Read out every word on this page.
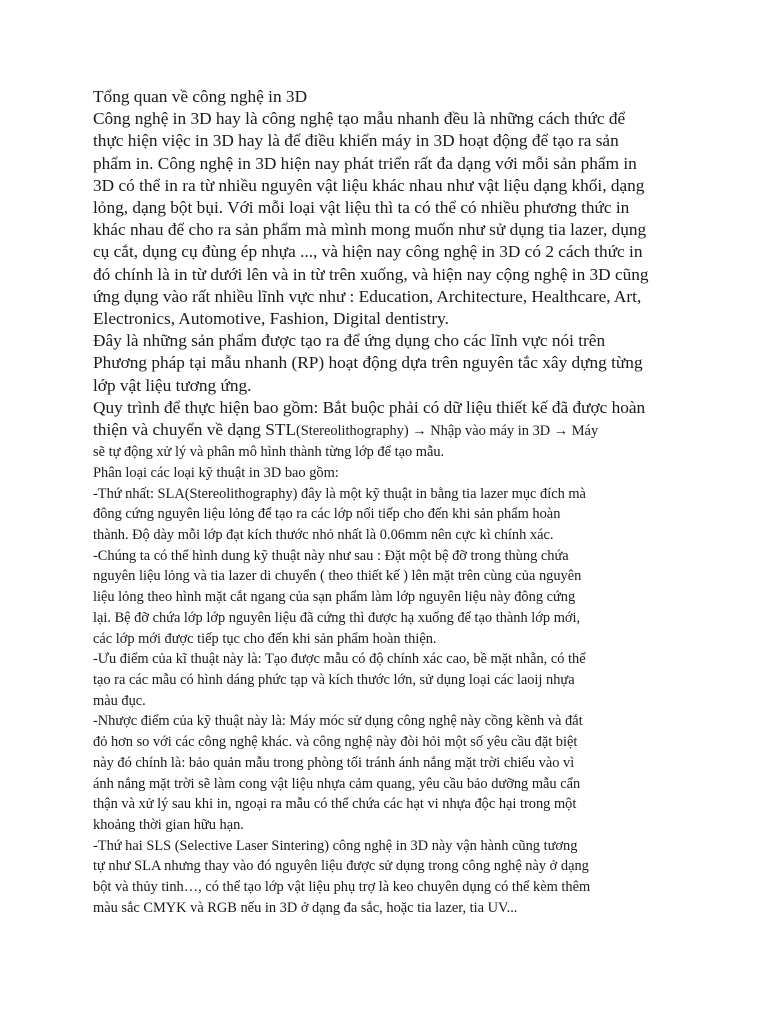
Tổng quan về công nghệ in 3D
Công nghệ in 3D hay là công nghệ tạo mẫu nhanh đều là những cách thức để
thực hiện việc in 3D hay là để điều khiển máy in 3D hoạt động để tạo ra sản
phẩm in. Công nghệ in 3D hiện nay phát triển rất đa dạng với mỗi sản phẩm in
3D có thể in ra từ nhiều nguyên vật liệu khác nhau như vật liệu dạng khối, dạng
lỏng, dạng bột bụi. Với mỗi loại vật liệu thì ta có thể có nhiều phương thức in
khác nhau để cho ra sản phẩm mà mình mong muốn như sử dụng tia lazer, dụng
cụ cắt, dụng cụ đùng ép nhựa ..., và hiện nay công nghệ in 3D có 2 cách thức in
đó chính là in từ dưới lên và in từ trên xuống, và hiện nay cộng nghệ in 3D cũng
ứng dụng vào rất nhiều lĩnh vực như : Education, Architecture, Healthcare, Art,
Electronics, Automotive, Fashion, Digital dentistry.
Đây là những sản phẩm được tạo ra để ứng dụng cho các lĩnh vực nói trên
Phương pháp tại mẫu nhanh (RP) hoạt động dựa trên nguyên tắc xây dựng từng
lớp vật liệu tương ứng.
Quy trình để thực hiện bao gồm: Bắt buộc phải có dữ liệu thiết kế đã được hoàn
thiện và chuyển về dạng STL(Stereolithography) → Nhập vào máy in 3D → Máy
sẽ tự động xử lý và phân mô hình thành từng lớp để tạo mẫu.
Phân loại các loại kỹ thuật in 3D bao gồm:
-Thứ nhất: SLA(Stereolithography) đây là một kỹ thuật in bằng tia lazer mục đích mà
đông cứng nguyên liệu lỏng để tạo ra các lớp nối tiếp cho đến khi sản phẩm hoàn
thành. Độ dày mỗi lớp đạt kích thước nhỏ nhất là 0.06mm nên cực kì chính xác.
-Chúng ta có thể hình dung kỹ thuật này như sau : Đặt một bệ đỡ trong thùng chứa
nguyên liệu lỏng và tia lazer di chuyển ( theo thiết kế ) lên mặt trên cùng của nguyên
liệu lỏng theo hình mặt cắt ngang của sạn phẩm làm lớp nguyên liệu này đông cứng
lại. Bệ đỡ chứa lớp lớp nguyên liệu đã cứng thì được hạ xuống để tạo thành lớp mới,
các lớp mới được tiếp tục cho đến khi sản phẩm hoàn thiện.
-Ưu điểm của kĩ thuật này là: Tạo được mẫu có độ chính xác cao, bề mặt nhẵn, có thể
tạo ra các mẫu có hình dáng phức tạp và kích thước lớn, sử dụng loại các laoij nhựa
màu đục.
-Nhược điểm của kỹ thuật này là: Máy móc sử dụng công nghệ này cồng kềnh và đắt
đỏ hơn so với các công nghệ khác. và công nghệ này đòi hỏi một số yêu cầu đặt biệt
này đó chính là: bảo quản mẫu trong phòng tối tránh ánh nắng mặt trời chiếu vào vì
ánh nắng mặt trời sẽ làm cong vật liệu nhựa cảm quang, yêu cầu bảo dưỡng mẫu cẩn
thận và xử lý sau khi in, ngoại ra mẫu có thể chứa các hạt vi nhựa độc hại trong một
khoảng thời gian hữu hạn.
-Thứ hai SLS (Selective Laser Sintering) công nghệ in 3D này vận hành cũng tương
tự như SLA nhưng thay vào đó nguyên liệu được sử dụng trong công nghệ này ở dạng
bột và thủy tinh…, có thể tạo lớp vật liệu phụ trợ là keo chuyên dụng có thể kèm thêm
màu sắc CMYK và RGB nếu in 3D ở dạng đa sắc, hoặc tia lazer, tia UV...
